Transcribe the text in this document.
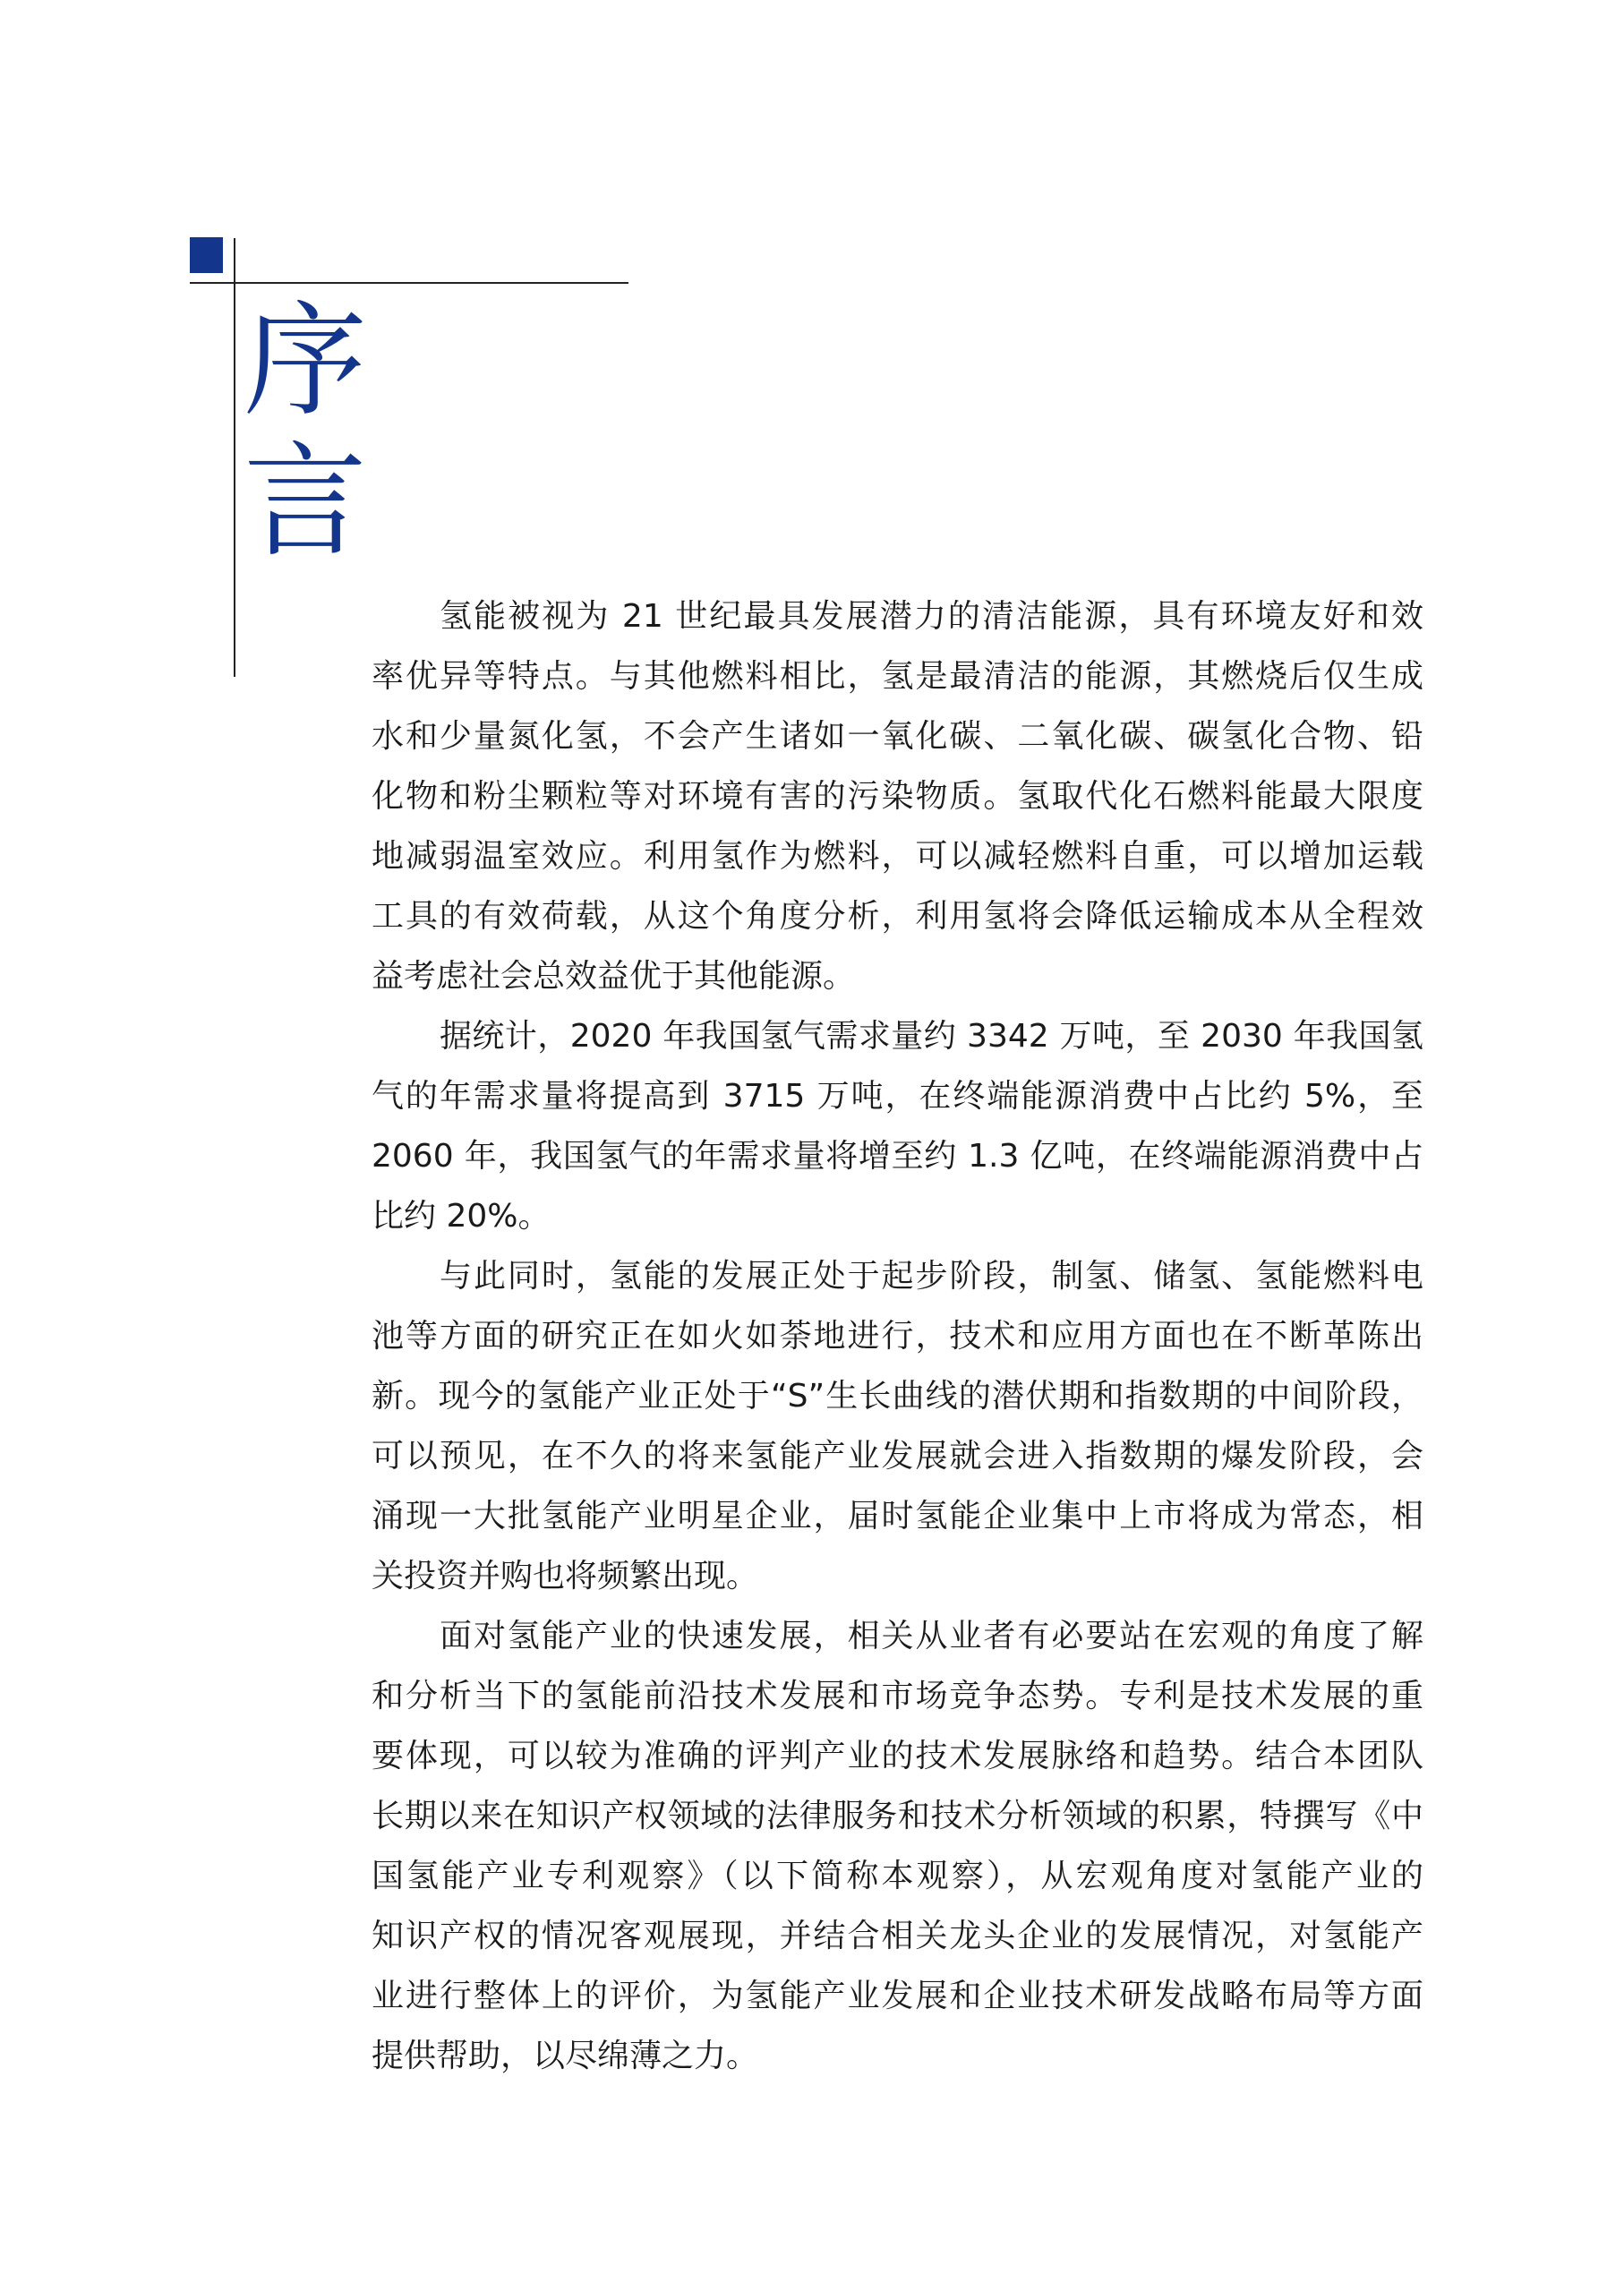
序
言
氢能被视为 21 世纪最具发展潜力的清洁能源，具有环境友好和效
率优异等特点。与其他燃料相比，氢是最清洁的能源，其燃烧后仅生成
水和少量氮化氢，不会产生诸如一氧化碳、二氧化碳、碳氢化合物、铅
化物和粉尘颗粒等对环境有害的污染物质。氢取代化石燃料能最大限度
地减弱温室效应。利用氢作为燃料，可以减轻燃料自重，可以增加运载
工具的有效荷载，从这个角度分析，利用氢将会降低运输成本从全程效
益考虑社会总效益优于其他能源。
据统计，2020 年我国氢气需求量约 3342 万吨，至 2030 年我国氢
气的年需求量将提高到 3715 万吨，在终端能源消费中占比约 5%，至
2060 年，我国氢气的年需求量将增至约 1.3 亿吨，在终端能源消费中占
比约 20%。
与此同时，氢能的发展正处于起步阶段，制氢、储氢、氢能燃料电
池等方面的研究正在如火如荼地进行，技术和应用方面也在不断革陈出
新。现今的氢能产业正处于“S”生长曲线的潜伏期和指数期的中间阶段，
可以预见，在不久的将来氢能产业发展就会进入指数期的爆发阶段，会
涌现一大批氢能产业明星企业，届时氢能企业集中上市将成为常态，相
关投资并购也将频繁出现。
面对氢能产业的快速发展，相关从业者有必要站在宏观的角度了解
和分析当下的氢能前沿技术发展和市场竞争态势。专利是技术发展的重
要体现，可以较为准确的评判产业的技术发展脉络和趋势。结合本团队
长期以来在知识产权领域的法律服务和技术分析领域的积累，特撰写《中
国氢能产业专利观察》（以下简称本观察），从宏观角度对氢能产业的
知识产权的情况客观展现，并结合相关龙头企业的发展情况，对氢能产
业进行整体上的评价，为氢能产业发展和企业技术研发战略布局等方面
提供帮助，以尽绵薄之力。
